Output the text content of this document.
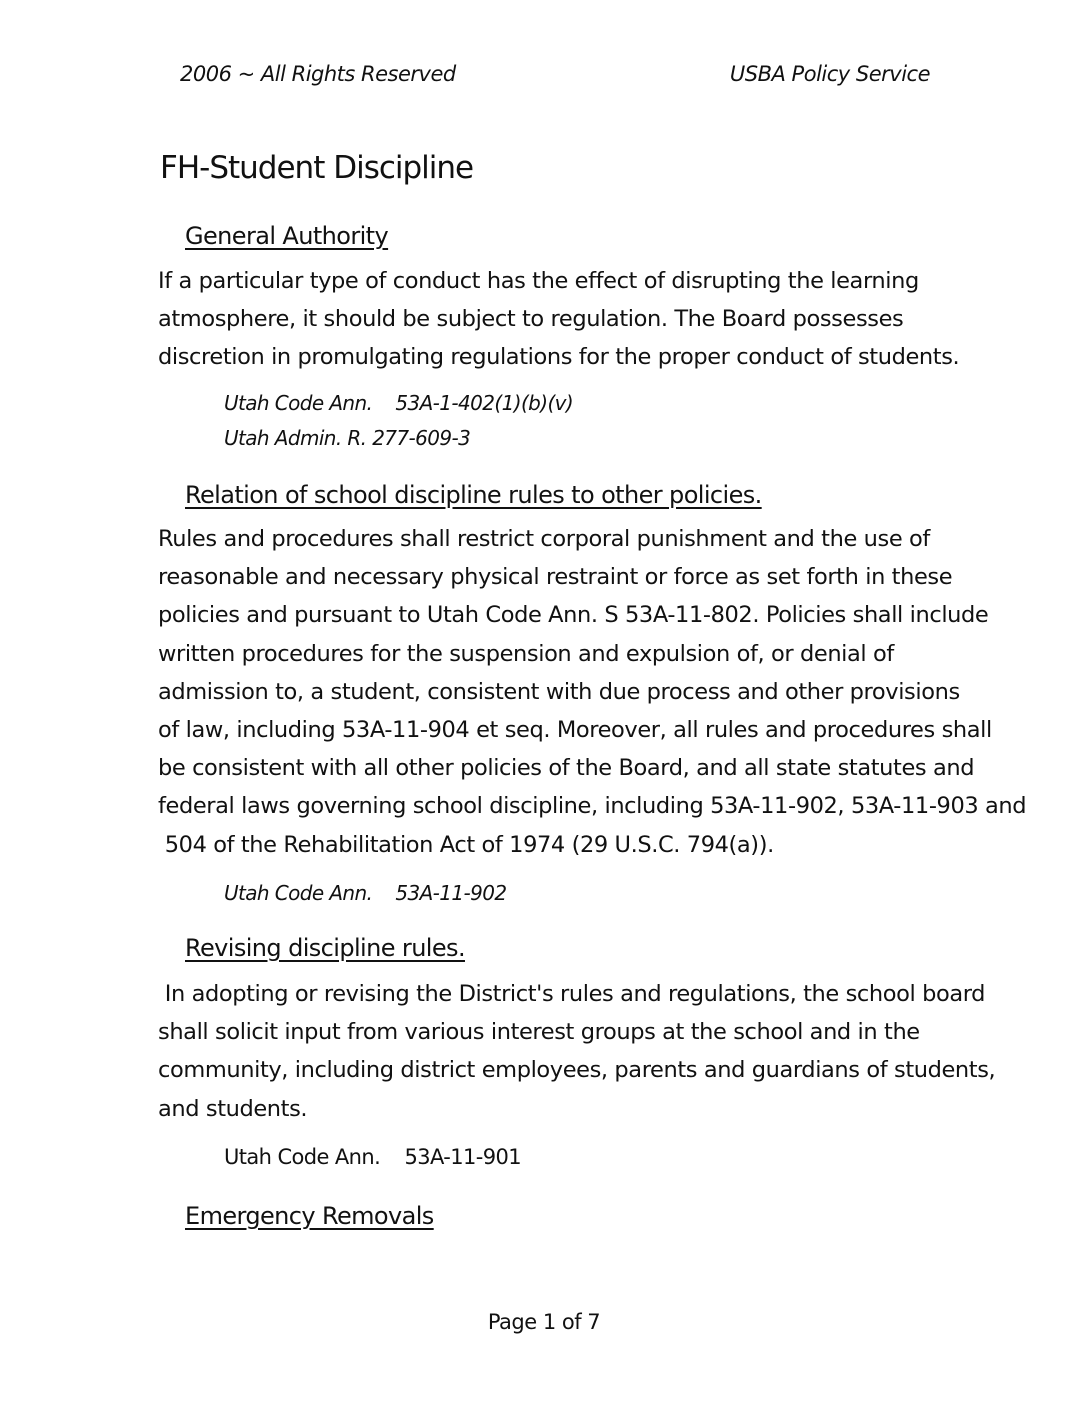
2006 ~ All Rights Reserved	USBA Policy Service
FH-Student Discipline
General Authority

If a particular type of conduct has the effect of disrupting the learning
atmosphere, it should be subject to regulation. The Board possesses
discretion in promulgating regulations for the proper conduct of students.

Utah Code Ann.    53A-1-402(1)(b)(v)
Utah Admin. R. 277-609-3
Relation of school discipline rules to other policies.

Rules and procedures shall restrict corporal punishment and the use of
reasonable and necessary physical restraint or force as set forth in these
policies and pursuant to Utah Code Ann. S 53A-11-802. Policies shall include
written procedures for the suspension and expulsion of, or denial of
admission to, a student, consistent with due process and other provisions
of law, including 53A-11-904 et seq. Moreover, all rules and procedures shall
be consistent with all other policies of the Board, and all state statutes and
federal laws governing school discipline, including 53A-11-902, 53A-11-903 and
504 of the Rehabilitation Act of 1974 (29 U.S.C. 794(a)).

Utah Code Ann.    53A-11-902
Revising discipline rules.

In adopting or revising the District's rules and regulations, the school board
shall solicit input from various interest groups at the school and in the
community, including district employees, parents and guardians of students,
and students.

Utah Code Ann.    53A-11-901
Emergency Removals
Page 1 of 7
